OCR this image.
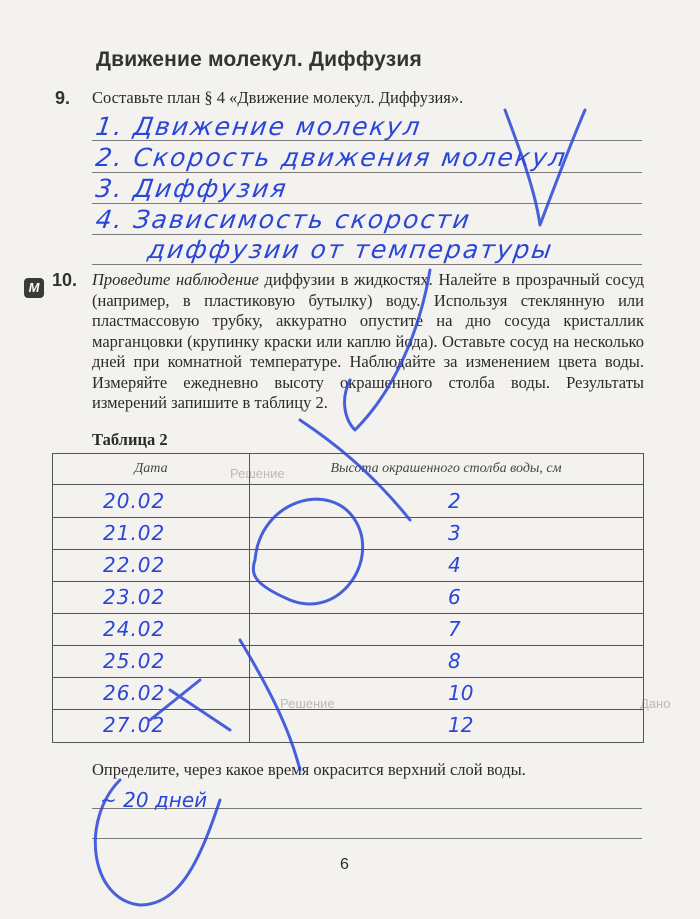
Решение
Решение	Дано
Движение молекул. Диффузия
9. Составьте план § 4 «Движение молекул. Диффузия».
1. Движение молекул
2. Скорость движения молекул
3. Диффузия
4. Зависимость скорости
диффузии от температуры
М 10. Проведите наблюдение диффузии в жидкостях. Налейте в прозрачный сосуд (например, в пластиковую бутылку) воду. Используя стеклянную или пластмассовую трубку, аккуратно опустите на дно сосуда кристаллик марганцовки (крупинку краски или каплю йода). Оставьте сосуд на несколько дней при комнатной температуре. Наблюдайте за изменением цвета воды. Измеряйте ежедневно высоту окрашенного столба воды. Результаты измерений запишите в таблицу 2.
Таблица 2
Дата	Высота окрашенного столба воды, см
20.02	2
21.02	3
22.02	4
23.02	6
24.02	7
25.02	8
26.02	10
27.02	12
Определите, через какое время окрасится верхний слой воды.
~ 20 дней
6
